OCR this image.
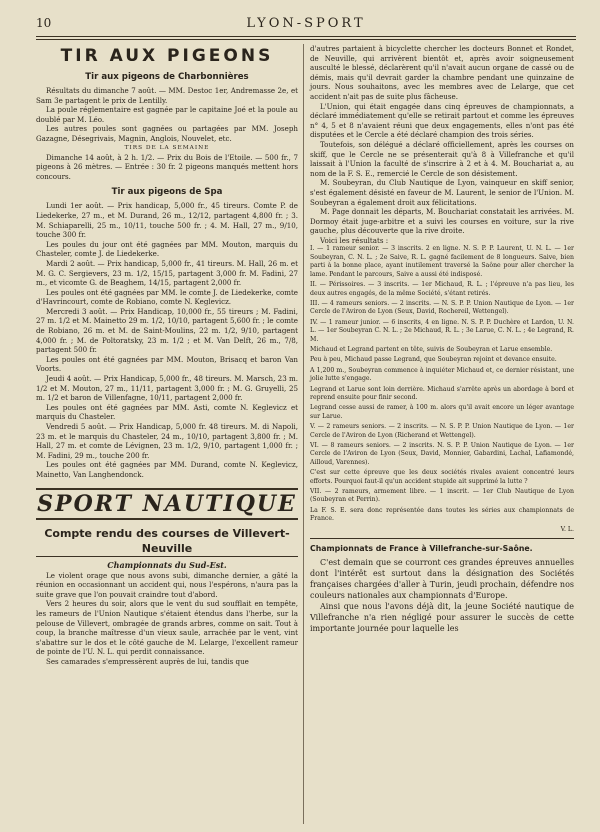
10	LYON-SPORT
TIR AUX PIGEONS
Tir aux pigeons de Charbonnières

Résultats du dimanche 7 août. — MM. Destoc 1er, Andremasse 2e, et Sam 3e partagent le prix de Lentilly.

La poule réglementaire est gagnée par le capitaine Joé et la poule au doublé par M. Léo.

Les autres poules sont gagnées ou partagées par MM. Joseph Gazagne, Désegrivais, Magnin, Anglois, Nouvelet, etc.

TIRS DE LA SEMAINE

Dimanche 14 août, à 2 h. 1/2. — Prix du Bois de l'Etoile. — 500 fr., 7 pigeons à 26 mètres. — Entrée : 30 fr. 2 pigeons manqués mettent hors concours.

Tir aux pigeons de Spa

Lundi 1er août. — Prix handicap, 5,000 fr., 45 tireurs. Comte P. de Liedekerke, 27 m., et M. Durand, 26 m., 12/12, partagent 4,800 fr. ; 3. M. Schiaparelli, 25 m., 10/11, touche 500 fr. ; 4. M. Hall, 27 m., 9/10, touche 300 fr.

Les poules du jour ont été gagnées par MM. Mouton, marquis du Chasteler, comte J. de Liedekerke.

Mardi 2 août. — Prix handicap, 5,000 fr., 41 tireurs. M. Hall, 26 m. et M. G. C. Sergievers, 23 m. 1/2, 15/15, partagent 3,000 fr. M. Fadini, 27 m., et vicomte G. de Beaghem, 14/15, partagent 2,000 fr.

Les poules ont été gagnées par MM. le comte J. de Liedekerke, comte d'Havrincourt, comte de Robiano, comte N. Keglevicz.

Mercredi 3 août. — Prix Handicap, 10,000 fr., 55 tireurs ; M. Fadini, 27 m. 1/2 et M. Mainetto 29 m. 1/2, 10/10, partagent 5,600 fr. ; le comte de Robiano, 26 m. et M. de Saint-Moulins, 22 m. 1/2, 9/10, partagent 4,000 fr. ; M. de Poltoratsky, 23 m. 1/2 ; et M. Van Delft, 26 m., 7/8, partagent 500 fr.

Les poules ont été gagnées par MM. Mouton, Brisacq et baron Van Voorts.

Jeudi 4 août. — Prix Handicap, 5,000 fr., 48 tireurs. M. Marsch, 23 m. 1/2 et M. Mouton, 27 m., 11/11, partagent 3,000 fr. ; M. G. Gruyelli, 25 m. 1/2 et baron de Villenfagne, 10/11, partagent 2,000 fr.

Les poules ont été gagnées par MM. Asti, comte N. Keglevicz et marquis du Chasteler.

Vendredi 5 août. — Prix Handicap, 5,000 fr. 48 tireurs. M. di Napoli, 23 m. et le marquis du Chasteler, 24 m., 10/10, partagent 3,800 fr. ; M. Hall, 27 m. et comte de Lévignen, 23 m. 1/2, 9/10, partagent 1,000 fr. ; M. Fadini, 29 m., touche 200 fr.

Les poules ont été gagnées par MM. Durand, comte N. Keglevicz, Mainetto, Van Langhendonck.

SPORT NAUTIQUE
Compte rendu des courses de Villevert-Neuville
Championnats du Sud-Est.

Le violent orage que nous avons subi, dimanche dernier, a gâté la réunion en occasionnant un accident qui, nous l'espérons, n'aura pas la suite grave que l'on pouvait craindre tout d'abord.

Vers 2 heures du soir, alors que le vent du sud soufflait en tempête, les rameurs de l'Union Nautique s'étaient étendus dans l'herbe, sur la pelouse de Villevert, ombragée de grands arbres, comme on sait. Tout à coup, la branche maîtresse d'un vieux saule, arrachée par le vent, vint s'abattre sur le dos et le côté gauche de M. Lelarge, l'excellent rameur de pointe de l'U. N. L. qui perdit connaissance.

Ses camarades s'empressèrent auprès de lui, tandis que

d'autres partaient à bicyclette chercher les docteurs Bonnet et Rondet, de Neuville, qui arrivèrent bientôt et, après avoir soigneusement ausculté le blessé, déclarèrent qu'il n'avait aucun organe de cassé ou de démis, mais qu'il devrait garder la chambre pendant une quinzaine de jours. Nous souhaitons, avec les membres avec de Lelarge, que cet accident n'ait pas de suite plus fâcheuse.

L'Union, qui était engagée dans cinq épreuves de championnats, a déclaré immédiatement qu'elle se retirait partout et comme les épreuves n° 4, 5 et 8 n'avaient réuni que deux engagements, elles n'ont pas été disputées et le Cercle a été déclaré champion des trois séries.

Toutefois, son délégué a déclaré officiellement, après les courses on skiff, que le Cercle ne se présenterait qu'à 8 à Villefranche et qu'il laissait à l'Union la faculté de s'inscrire à 2 et à 4. M. Bouchariat a, au nom de la F. S. E., remercié le Cercle de son désistement.

M. Soubeyran, du Club Nautique de Lyon, vainqueur en skiff senior, s'est également désisté en faveur de M. Laurent, le senior de l'Union. M. Soubeyran a également droit aux félicitations.

M. Page donnait les départs, M. Bouchariat constatait les arrivées. M. Dormoy était juge-arbitre et a suivi les courses en voiture, sur la rive gauche, plus découverte que la rive droite.

Voici les résultats :

I. — 1 rameur senior. — 3 inscrits. 2 en ligne. N. S. P. P. Laurent, U. N. L. — 1er Soubeyran, C. N. L. ; 2e Saive, R. L. gagné facilement de 8 longueurs. Saive, bien parti à la bonne place, ayant inutilement traversé la Saône pour aller chercher la lame. Pendant le parcours, Saive a aussi été indisposé.

II. — Périssoires. — 3 inscrits. — 1er Michaud, R. L. ; l'épreuve n'a pas lieu, les deux autres engagés, de la même Société, s'étant retirés.

III. — 4 rameurs seniors. — 2 inscrits. — N. S. P. P. Union Nautique de Lyon. — 1er Cercle de l'Aviron de Lyon (Seux, David, Rochereil, Wettengel).

IV. — 1 rameur junior. — 6 inscrits, 4 en ligne. N. S. P. P. Duchère et Lardon, U. N. L. — 1er Soubeyran C. N. L. ; 2e Michaud, R. L. ; 3e Larue, C. N. L. ; 4e Legrand, R. M.

Michaud et Legrand partent en tête, suivis de Soubeyran et Larue ensemble.

Peu à peu, Michaud passe Legrand, que Soubeyran rejoint et devance ensuite.

A 1,200 m., Soubeyran commence à inquiéter Michaud et, ce dernier résistant, une jolie lutte s'engage.

Legrand et Larue sont loin derrière. Michaud s'arrête après un abordage à bord et reprend ensuite pour finir second.

Legrand cesse aussi de ramer, à 100 m. alors qu'il avait encore un léger avantage sur Larue.

V. — 2 rameurs seniors. — 2 inscrits. — N. S. P. P. Union Nautique de Lyon. — 1er Cercle de l'Aviron de Lyon (Richerand et Wettengel).

VI. — 8 rameurs seniors. — 2 inscrits. N. S. P. P. Union Nautique de Lyon. — 1er Cercle de l'Aviron de Lyon (Seux, David, Monnier, Gabardini, Lachal, Lafiamondé, Ailloud, Varennes).

C'est sur cette épreuve que les deux sociétés rivales avaient concentré leurs efforts. Pourquoi faut-il qu'un accident stupide ait supprimé la lutte ?

VII. — 2 rameurs, armement libre. — 1 inscrit. — 1er Club Nautique de Lyon (Soubeyran et Perrin).

La F. S. E. sera donc représentée dans toutes les séries aux championnats de France.

V. L.
Championnats de France à Villefranche-sur-Saône.

C'est demain que se courront ces grandes épreuves annuelles dont l'intérêt est surtout dans la désignation des Sociétés françaises chargées d'aller à Turin, jeudi prochain, défendre nos couleurs nationales aux championnats d'Europe.

Ainsi que nous l'avons déjà dit, la jeune Société nautique de Villefranche n'a rien négligé pour assurer le succès de cette importante journée pour laquelle les
